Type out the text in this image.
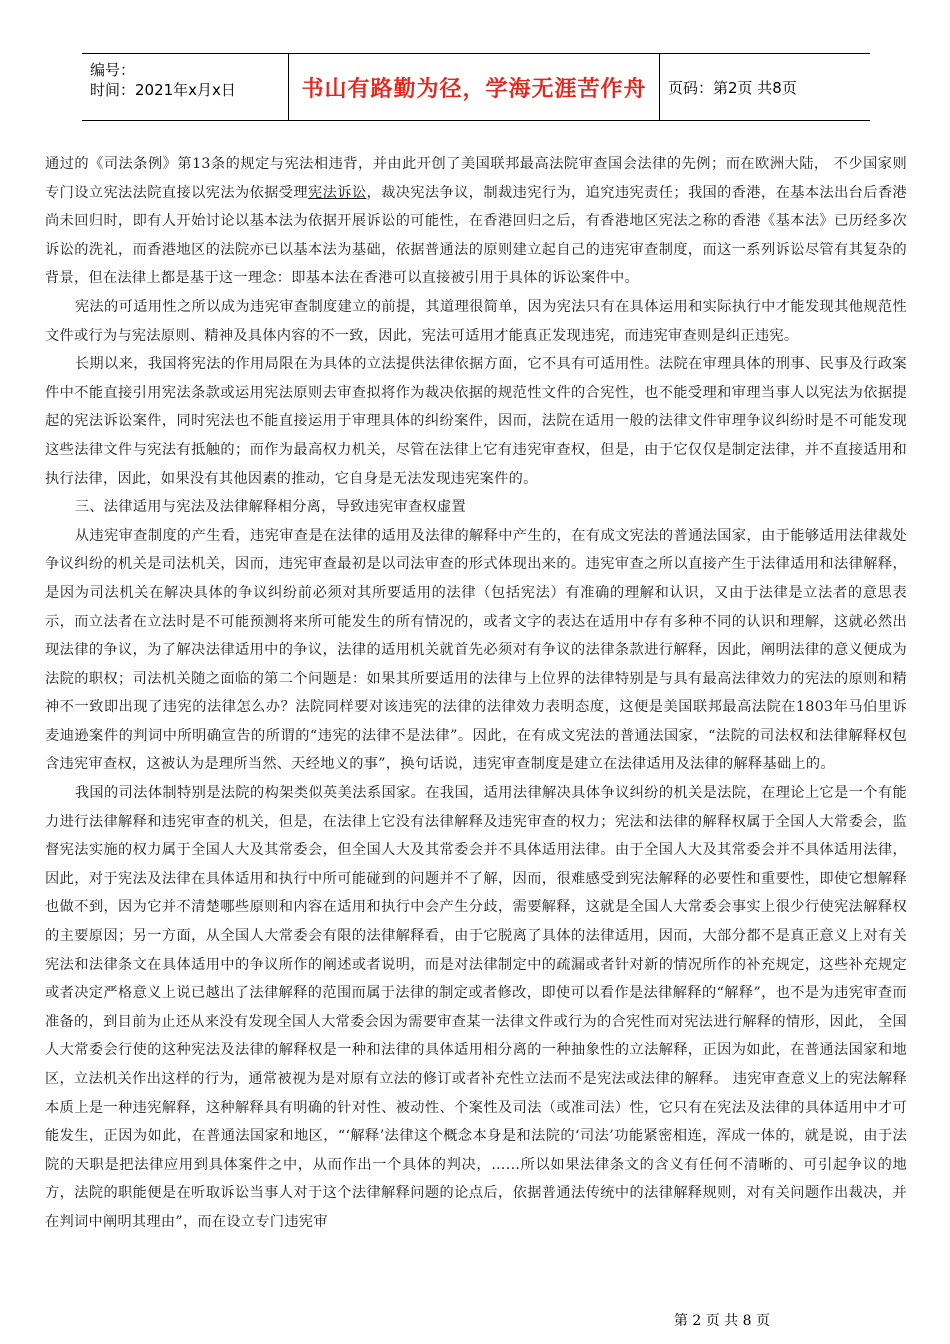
编号：
时间：2021年x月x日	书山有路勤为径，学海无涯苦作舟	页码：第2页 共8页

通过的《司法条例》第13条的规定与宪法相违背，并由此开创了美国联邦最高法院审查国会法律的先例；而在欧洲大陆， 不少国家则专门设立宪法法院直接以宪法为依据受理宪法诉讼，裁决宪法争议，制裁违宪行为，追究违宪责任；我国的香港，在基本法出台后香港尚未回归时，即有人开始讨论以基本法为依据开展诉讼的可能性，在香港回归之后，有香港地区宪法之称的香港《基本法》已历经多次诉讼的洗礼，而香港地区的法院亦已以基本法为基础，依据普通法的原则建立起自己的违宪审查制度，而这一系列诉讼尽管有其复杂的背景，但在法律上都是基于这一理念：即基本法在香港可以直接被引用于具体的诉讼案件中。

宪法的可适用性之所以成为违宪审查制度建立的前提，其道理很简单，因为宪法只有在具体运用和实际执行中才能发现其他规范性文件或行为与宪法原则、精神及具体内容的不一致，因此，宪法可适用才能真正发现违宪，而违宪审查则是纠正违宪。

长期以来，我国将宪法的作用局限在为具体的立法提供法律依据方面，它不具有可适用性。法院在审理具体的刑事、民事及行政案件中不能直接引用宪法条款或运用宪法原则去审查拟将作为裁决依据的规范性文件的合宪性，也不能受理和审理当事人以宪法为依据提起的宪法诉讼案件，同时宪法也不能直接运用于审理具体的纠纷案件，因而，法院在适用一般的法律文件审理争议纠纷时是不可能发现这些法律文件与宪法有抵触的；而作为最高权力机关，尽管在法律上它有违宪审查权，但是，由于它仅仅是制定法律，并不直接适用和执行法律，因此，如果没有其他因素的推动，它自身是无法发现违宪案件的。

三、法律适用与宪法及法律解释相分离，导致违宪审查权虚置

从违宪审查制度的产生看，违宪审查是在法律的适用及法律的解释中产生的，在有成文宪法的普通法国家，由于能够适用法律裁处争议纠纷的机关是司法机关，因而，违宪审查最初是以司法审查的形式体现出来的。违宪审查之所以直接产生于法律适用和法律解释，是因为司法机关在解决具体的争议纠纷前必须对其所要适用的法律（包括宪法）有准确的理解和认识，又由于法律是立法者的意思表示，而立法者在立法时是不可能预测将来所可能发生的所有情况的，或者文字的表达在适用中存有多种不同的认识和理解，这就必然出现法律的争议，为了解决法律适用中的争议，法律的适用机关就首先必须对有争议的法律条款进行解释，因此，阐明法律的意义便成为法院的职权；司法机关随之面临的第二个问题是：如果其所要适用的法律与上位界的法律特别是与具有最高法律效力的宪法的原则和精神不一致即出现了违宪的法律怎么办？法院同样要对该违宪的法律的法律效力表明态度，这便是美国联邦最高法院在1803年马伯里诉麦迪逊案件的判词中所明确宣告的所谓的“违宪的法律不是法律”。因此，在有成文宪法的普通法国家，“法院的司法权和法律解释权包含违宪审查权，这被认为是理所当然、天经地义的事”，换句话说，违宪审查制度是建立在法律适用及法律的解释基础上的。

我国的司法体制特别是法院的构架类似英美法系国家。在我国，适用法律解决具体争议纠纷的机关是法院，在理论上它是一个有能力进行法律解释和违宪审查的机关，但是，在法律上它没有法律解释及违宪审查的权力；宪法和法律的解释权属于全国人大常委会，监督宪法实施的权力属于全国人大及其常委会，但全国人大及其常委会并不具体适用法律。由于全国人大及其常委会并不具体适用法律，因此，对于宪法及法律在具体适用和执行中所可能碰到的问题并不了解，因而，很难感受到宪法解释的必要性和重要性，即使它想解释也做不到，因为它并不清楚哪些原则和内容在适用和执行中会产生分歧，需要解释，这就是全国人大常委会事实上很少行使宪法解释权的主要原因；另一方面，从全国人大常委会有限的法律解释看，由于它脱离了具体的法律适用，因而，大部分都不是真正意义上对有关宪法和法律条文在具体适用中的争议所作的阐述或者说明，而是对法律制定中的疏漏或者针对新的情况所作的补充规定，这些补充规定或者决定严格意义上说已越出了法律解释的范围而属于法律的制定或者修改，即使可以看作是法律解释的“解释”，也不是为违宪审查而准备的，到目前为止还从来没有发现全国人大常委会因为需要审查某一法律文件或行为的合宪性而对宪法进行解释的情形，因此， 全国人大常委会行使的这种宪法及法律的解释权是一种和法律的具体适用相分离的一种抽象性的立法解释，正因为如此，在普通法国家和地区，立法机关作出这样的行为，通常被视为是对原有立法的修订或者补充性立法而不是宪法或法律的解释。 违宪审查意义上的宪法解释本质上是一种违宪解释，这种解释具有明确的针对性、被动性、个案性及司法（或准司法）性，它只有在宪法及法律的具体适用中才可能发生，正因为如此，在普通法国家和地区，“‘解释’法律这个概念本身是和法院的‘司法’功能紧密相连，浑成一体的，就是说，由于法院的天职是把法律应用到具体案件之中，从而作出一个具体的判决，……所以如果法律条文的含义有任何不清晰的、可引起争议的地方，法院的职能便是在听取诉讼当事人对于这个法律解释问题的论点后，依据普通法传统中的法律解释规则，对有关问题作出裁决，并在判词中阐明其理由”，而在设立专门违宪审

第 2 页 共 8 页
